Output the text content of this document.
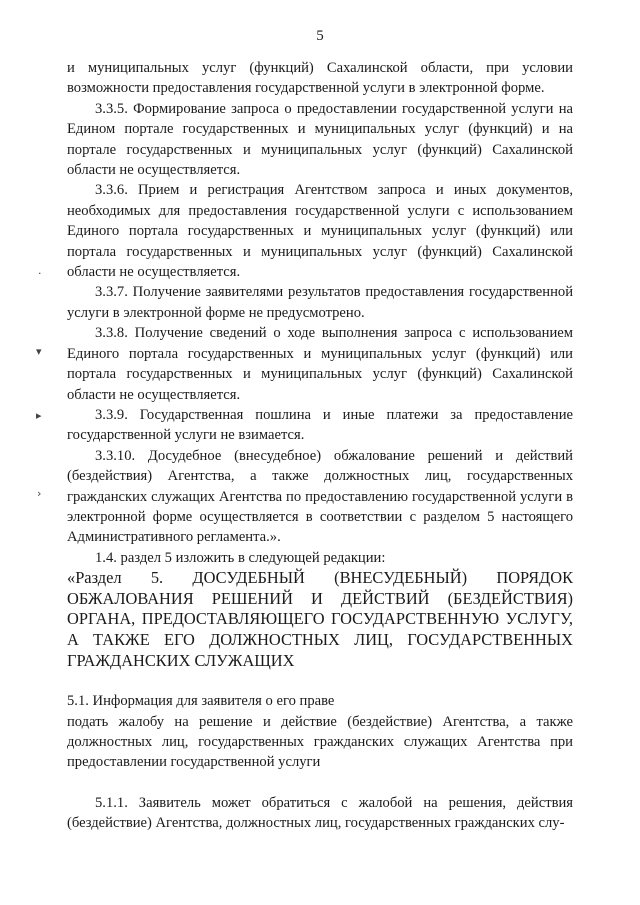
5
·
▾
▸
›

и муниципальных услуг (функций) Сахалинской области, при условии возможности предоставления государственной услуги в электронной форме.

3.3.5. Формирование запроса о предоставлении государственной услуги на Едином портале государственных и муниципальных услуг (функций) и на портале государственных и муниципальных услуг (функций) Сахалинской области не осуществляется.

3.3.6. Прием и регистрация Агентством запроса и иных документов, необходимых для предоставления государственной услуги с использованием Единого портала государственных и муниципальных услуг (функций) или портала государственных и муниципальных услуг (функций) Сахалинской области не осуществляется.

3.3.7. Получение заявителями результатов предоставления государственной услуги в электронной форме не предусмотрено.

3.3.8. Получение сведений о ходе выполнения запроса с использованием Единого портала государственных и муниципальных услуг (функций) или портала государственных и муниципальных услуг (функций) Сахалинской области не осуществляется.

3.3.9. Государственная пошлина и иные платежи за предоставление государственной услуги не взимается.

3.3.10. Досудебное (внесудебное) обжалование решений и действий (бездействия) Агентства, а также должностных лиц, государственных гражданских служащих Агентства по предоставлению государственной услуги в электронной форме осуществляется в соответствии с разделом 5 настоящего Административного регламента.».

1.4. раздел 5 изложить в следующей редакции:

«Раздел 5. ДОСУДЕБНЫЙ (ВНЕСУДЕБНЫЙ) ПОРЯДОК ОБЖАЛОВАНИЯ РЕШЕНИЙ И ДЕЙСТВИЙ (БЕЗДЕЙСТВИЯ) ОРГАНА, ПРЕДОСТАВЛЯЮЩЕГО ГОСУДАРСТВЕННУЮ УСЛУГУ, А ТАКЖЕ ЕГО ДОЛЖНОСТНЫХ ЛИЦ, ГОСУДАРСТВЕННЫХ ГРАЖДАНСКИХ СЛУЖАЩИХ

5.1. Информация для заявителя о его праве

подать жалобу на решение и действие (бездействие) Агентства, а также должностных лиц, государственных гражданских служащих Агентства при предоставлении государственной услуги

5.1.1. Заявитель может обратиться с жалобой на решения, действия (бездействие) Агентства, должностных лиц, государственных гражданских слу-
